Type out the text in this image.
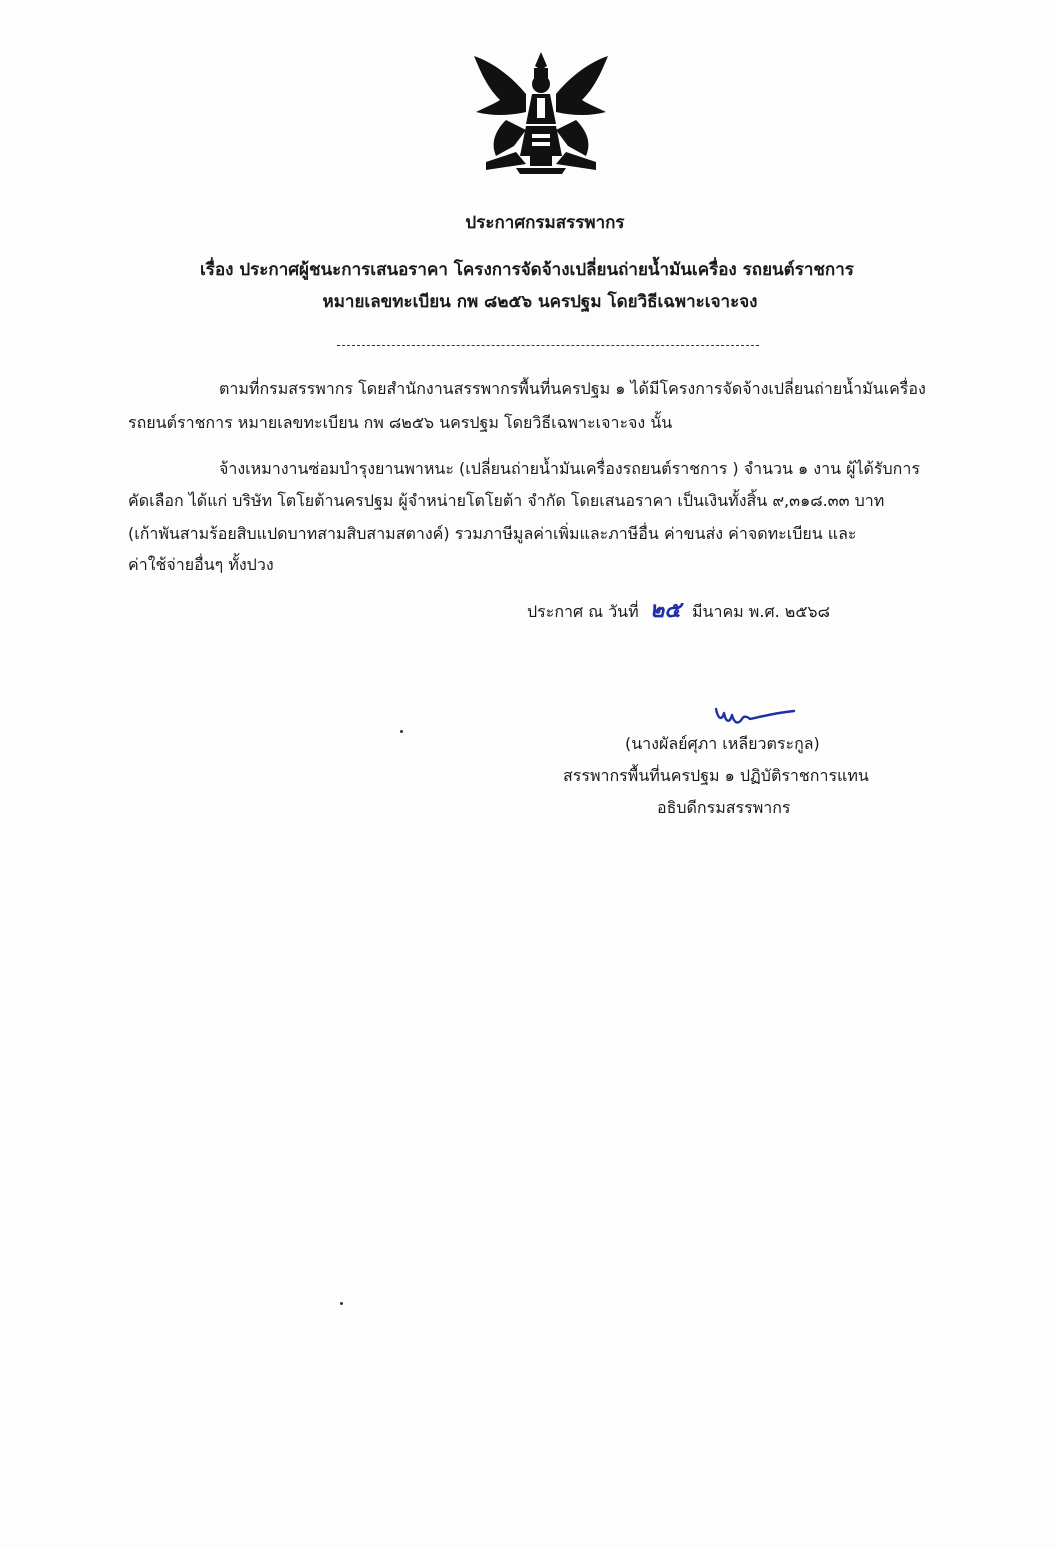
ประกาศกรมสรรพากร
เรื่อง ประกาศผู้ชนะการเสนอราคา โครงการจัดจ้างเปลี่ยนถ่ายน้ำมันเครื่อง รถยนต์ราชการ
หมายเลขทะเบียน กพ ๘๒๕๖ นครปฐม โดยวิธีเฉพาะเจาะจง
ตามที่กรมสรรพากร โดยสำนักงานสรรพากรพื้นที่นครปฐม ๑ ได้มีโครงการจัดจ้างเปลี่ยนถ่ายน้ำมันเครื่อง
รถยนต์ราชการ หมายเลขทะเบียน กพ ๘๒๕๖ นครปฐม โดยวิธีเฉพาะเจาะจง นั้น
จ้างเหมางานซ่อมบำรุงยานพาหนะ (เปลี่ยนถ่ายน้ำมันเครื่องรถยนต์ราชการ ) จำนวน ๑ งาน ผู้ได้รับการ
คัดเลือก ได้แก่ บริษัท โตโยต้านครปฐม ผู้จำหน่ายโตโยต้า จำกัด โดยเสนอราคา เป็นเงินทั้งสิ้น ๙,๓๑๘.๓๓ บาท
(เก้าพันสามร้อยสิบแปดบาทสามสิบสามสตางค์) รวมภาษีมูลค่าเพิ่มและภาษีอื่น ค่าขนส่ง ค่าจดทะเบียน และ
ค่าใช้จ่ายอื่นๆ ทั้งปวง
ประกาศ ณ วันที่ ๒๕ มีนาคม พ.ศ. ๒๕๖๘
(นางผัลย์ศุภา เหลียวตระกูล)
สรรพากรพื้นที่นครปฐม ๑ ปฏิบัติราชการแทน
อธิบดีกรมสรรพากร
